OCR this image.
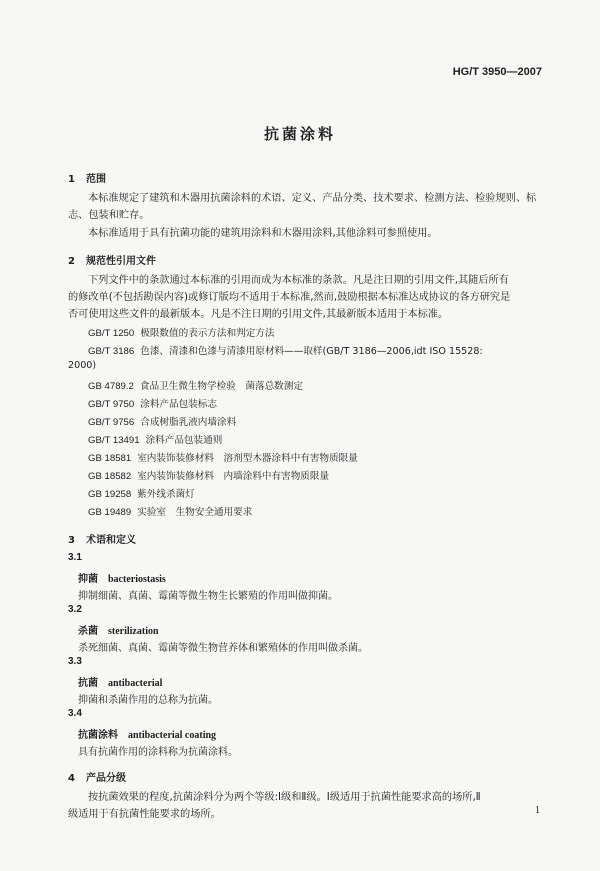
HG/T 3950—2007
抗菌涂料
1 范围
本标准规定了建筑和木器用抗菌涂料的术语、定义、产品分类、技术要求、检测方法、检验规则、标
志、包装和贮存。
本标准适用于具有抗菌功能的建筑用涂料和木器用涂料,其他涂料可参照使用。
2 规范性引用文件
下列文件中的条款通过本标准的引用而成为本标准的条款。凡是注日期的引用文件,其随后所有
的修改单(不包括勘误内容)或修订版均不适用于本标准,然而,鼓励根据本标准达成协议的各方研究是
否可使用这些文件的最新版本。凡是不注日期的引用文件,其最新版本适用于本标准。
GB/T 1250 极限数值的表示方法和判定方法
GB/T 3186 色漆、清漆和色漆与清漆用原材料——取样(GB/T 3186—2006,idt ISO 15528:
2000)
GB 4789.2 食品卫生微生物学检验　菌落总数测定
GB/T 9750 涂料产品包装标志
GB/T 9756 合成树脂乳液内墙涂料
GB/T 13491 涂料产品包装通则
GB 18581 室内装饰装修材料　溶剂型木器涂料中有害物质限量
GB 18582 室内装饰装修材料　内墙涂料中有害物质限量
GB 19258 紫外线杀菌灯
GB 19489 实验室　生物安全通用要求
3 术语和定义
3.1
抑菌 bacteriostasis
抑制细菌、真菌、霉菌等微生物生长繁殖的作用叫做抑菌。
3.2
杀菌 sterilization
杀死细菌、真菌、霉菌等微生物营养体和繁殖体的作用叫做杀菌。
3.3
抗菌 antibacterial
抑菌和杀菌作用的总称为抗菌。
3.4
抗菌涂料 antibacterial coating
具有抗菌作用的涂料称为抗菌涂料。
4 产品分级
按抗菌效果的程度,抗菌涂料分为两个等级:Ⅰ级和Ⅱ级。Ⅰ级适用于抗菌性能要求高的场所,Ⅱ
级适用于有抗菌性能要求的场所。	1
